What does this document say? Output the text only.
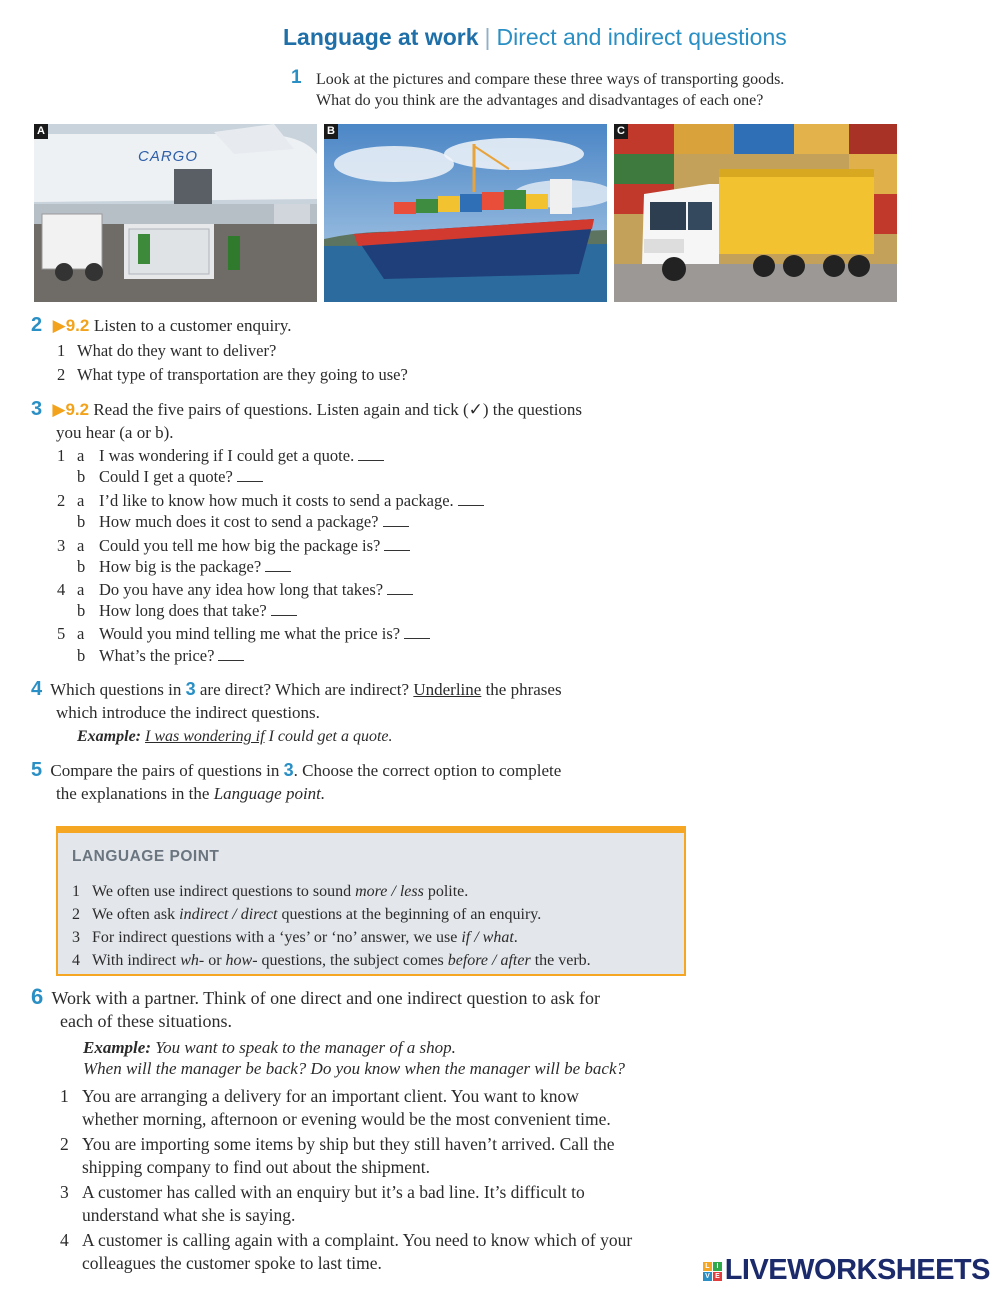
Language at work | Direct and indirect questions
1 Look at the pictures and compare these three ways of transporting goods.
What do you think are the advantages and disadvantages of each one?
A
CARGO
B	C
2 ▶9.2 Listen to a customer enquiry.
1 What do they want to deliver?
2 What type of transportation are they going to use?
3 ▶9.2 Read the five pairs of questions. Listen again and tick (✓) the questions
you hear (a or b).
1 a I was wondering if I could get a quote.
b Could I get a quote?
2 a I’d like to know how much it costs to send a package.
b How much does it cost to send a package?
3 a Could you tell me how big the package is?
b How big is the package?
4 a Do you have any idea how long that takes?
b How long does that take?
5 a Would you mind telling me what the price is?
b What’s the price?
4 Which questions in 3 are direct? Which are indirect? Underline the phrases
which introduce the indirect questions.
Example: I was wondering if I could get a quote.
5 Compare the pairs of questions in 3. Choose the correct option to complete
the explanations in the Language point.
LANGUAGE POINT
1 We often use indirect questions to sound more / less polite.
2 We often ask indirect / direct questions at the beginning of an enquiry.
3 For indirect questions with a ‘yes’ or ‘no’ answer, we use if / what.
4 With indirect wh- or how- questions, the subject comes before / after the verb.
6 Work with a partner. Think of one direct and one indirect question to ask for
each of these situations.
Example: You want to speak to the manager of a shop.
When will the manager be back? Do you know when the manager will be back?
1 You are arranging a delivery for an important client. You want to know
whether morning, afternoon or evening would be the most convenient time.
2 You are importing some items by ship but they still haven’t arrived. Call the
shipping company to find out about the shipment.
3 A customer has called with an enquiry but it’s a bad line. It’s difficult to
understand what she is saying.
4 A customer is calling again with a complaint. You need to know which of your
colleagues the customer spoke to last time.	L	I
V E LIVEWORKSHEETS
